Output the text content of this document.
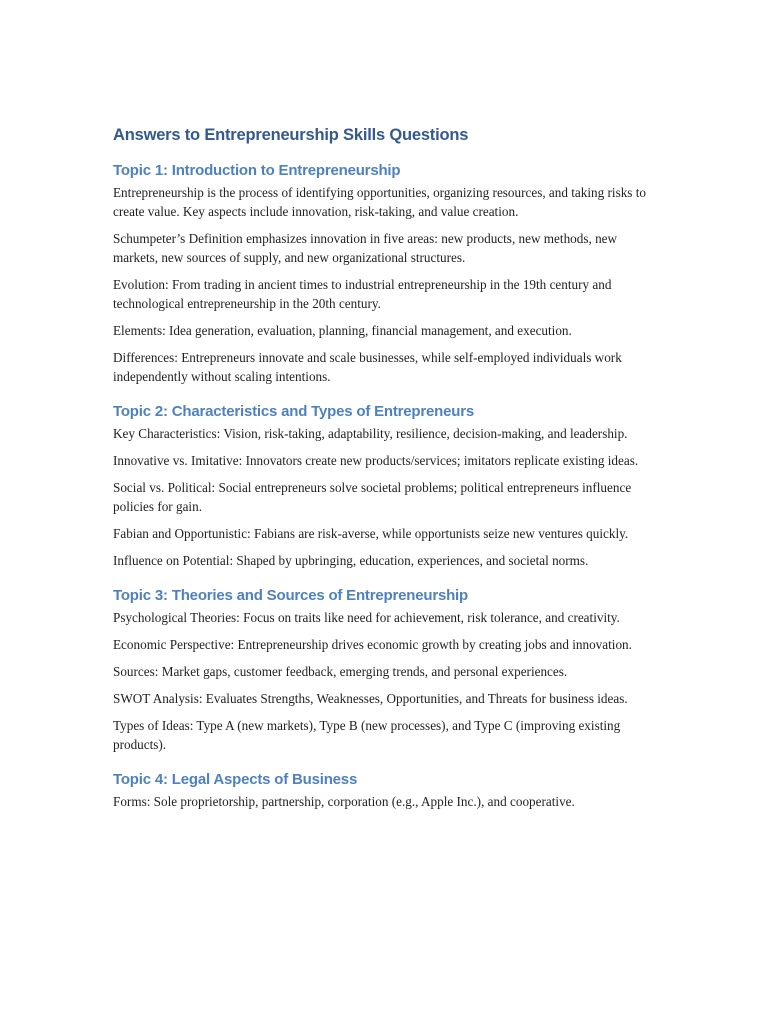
Answers to Entrepreneurship Skills Questions
Topic 1: Introduction to Entrepreneurship

Entrepreneurship is the process of identifying opportunities, organizing resources, and taking risks to create value. Key aspects include innovation, risk-taking, and value creation.

Schumpeter’s Definition emphasizes innovation in five areas: new products, new methods, new markets, new sources of supply, and new organizational structures.

Evolution: From trading in ancient times to industrial entrepreneurship in the 19th century and technological entrepreneurship in the 20th century.

Elements: Idea generation, evaluation, planning, financial management, and execution.

Differences: Entrepreneurs innovate and scale businesses, while self-employed individuals work independently without scaling intentions.

Topic 2: Characteristics and Types of Entrepreneurs

Key Characteristics: Vision, risk-taking, adaptability, resilience, decision-making, and leadership.

Innovative vs. Imitative: Innovators create new products/services; imitators replicate existing ideas.

Social vs. Political: Social entrepreneurs solve societal problems; political entrepreneurs influence policies for gain.

Fabian and Opportunistic: Fabians are risk-averse, while opportunists seize new ventures quickly.

Influence on Potential: Shaped by upbringing, education, experiences, and societal norms.

Topic 3: Theories and Sources of Entrepreneurship

Psychological Theories: Focus on traits like need for achievement, risk tolerance, and creativity.

Economic Perspective: Entrepreneurship drives economic growth by creating jobs and innovation.

Sources: Market gaps, customer feedback, emerging trends, and personal experiences.

SWOT Analysis: Evaluates Strengths, Weaknesses, Opportunities, and Threats for business ideas.

Types of Ideas: Type A (new markets), Type B (new processes), and Type C (improving existing products).

Topic 4: Legal Aspects of Business

Forms: Sole proprietorship, partnership, corporation (e.g., Apple Inc.), and cooperative.
